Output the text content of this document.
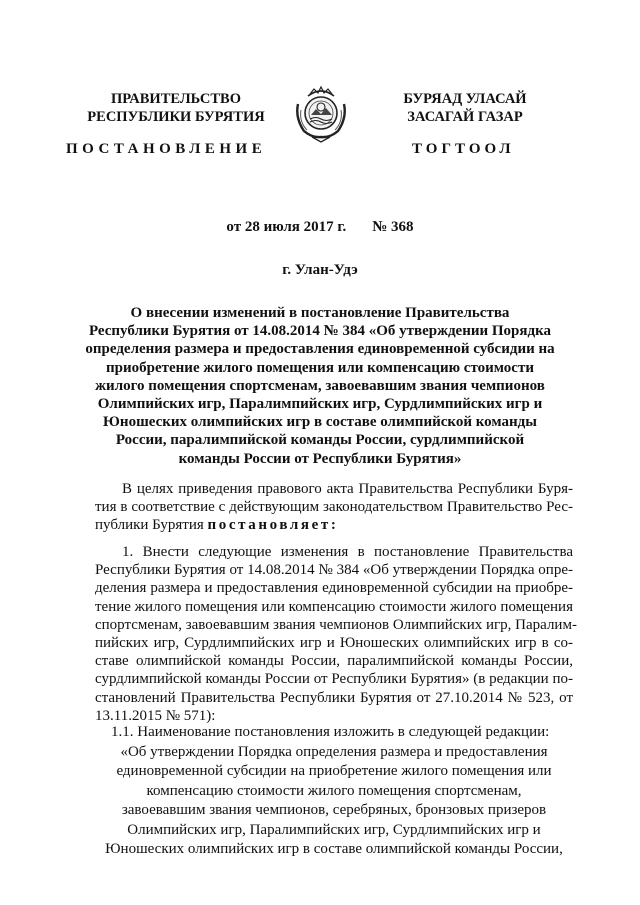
ПРАВИТЕЛЬСТВО
РЕСПУБЛИКИ БУРЯТИЯ
БУРЯАД УЛАСАЙ
ЗАСАГАЙ ГАЗАР
ПОСТАНОВЛЕНИЕ	ТОГТООЛ
от 28 июля 2017 г. № 368
г. Улан-Удэ
О внесении изменений в постановление Правительства
Республики Бурятия от 14.08.2014 № 384 «Об утверждении Порядка
определения размера и предоставления единовременной субсидии на
приобретение жилого помещения или компенсацию стоимости
жилого помещения спортсменам, завоевавшим звания чемпионов
Олимпийских игр, Паралимпийских игр, Сурдлимпийских игр и
Юношеских олимпийских игр в составе олимпийской команды
России, паралимпийской команды России, сурдлимпийской
команды России от Республики Бурятия»
В целях приведения правового акта Правительства Республики Буря-
тия в соответствие с действующим законодательством Правительство Рес-
публики Бурятия постановляет:
1. Внести следующие изменения в постановление Правительства
Республики Бурятия от 14.08.2014 № 384 «Об утверждении Порядка опре-
деления размера и предоставления единовременной субсидии на приобре-
тение жилого помещения или компенсацию стоимости жилого помещения
спортсменам, завоевавшим звания чемпионов Олимпийских игр, Паралим-
пийских игр, Сурдлимпийских игр и Юношеских олимпийских игр в со-
ставе олимпийской команды России, паралимпийской команды России,
сурдлимпийской команды России от Республики Бурятия» (в редакции по-
становлений Правительства Республики Бурятия от 27.10.2014 № 523, от
13.11.2015 № 571):
1.1. Наименование постановления изложить в следующей редакции:
«Об утверждении Порядка определения размера и предоставления
единовременной субсидии на приобретение жилого помещения или
компенсацию стоимости жилого помещения спортсменам,
завоевавшим звания чемпионов, серебряных, бронзовых призеров
Олимпийских игр, Паралимпийских игр, Сурдлимпийских игр и
Юношеских олимпийских игр в составе олимпийской команды России,
